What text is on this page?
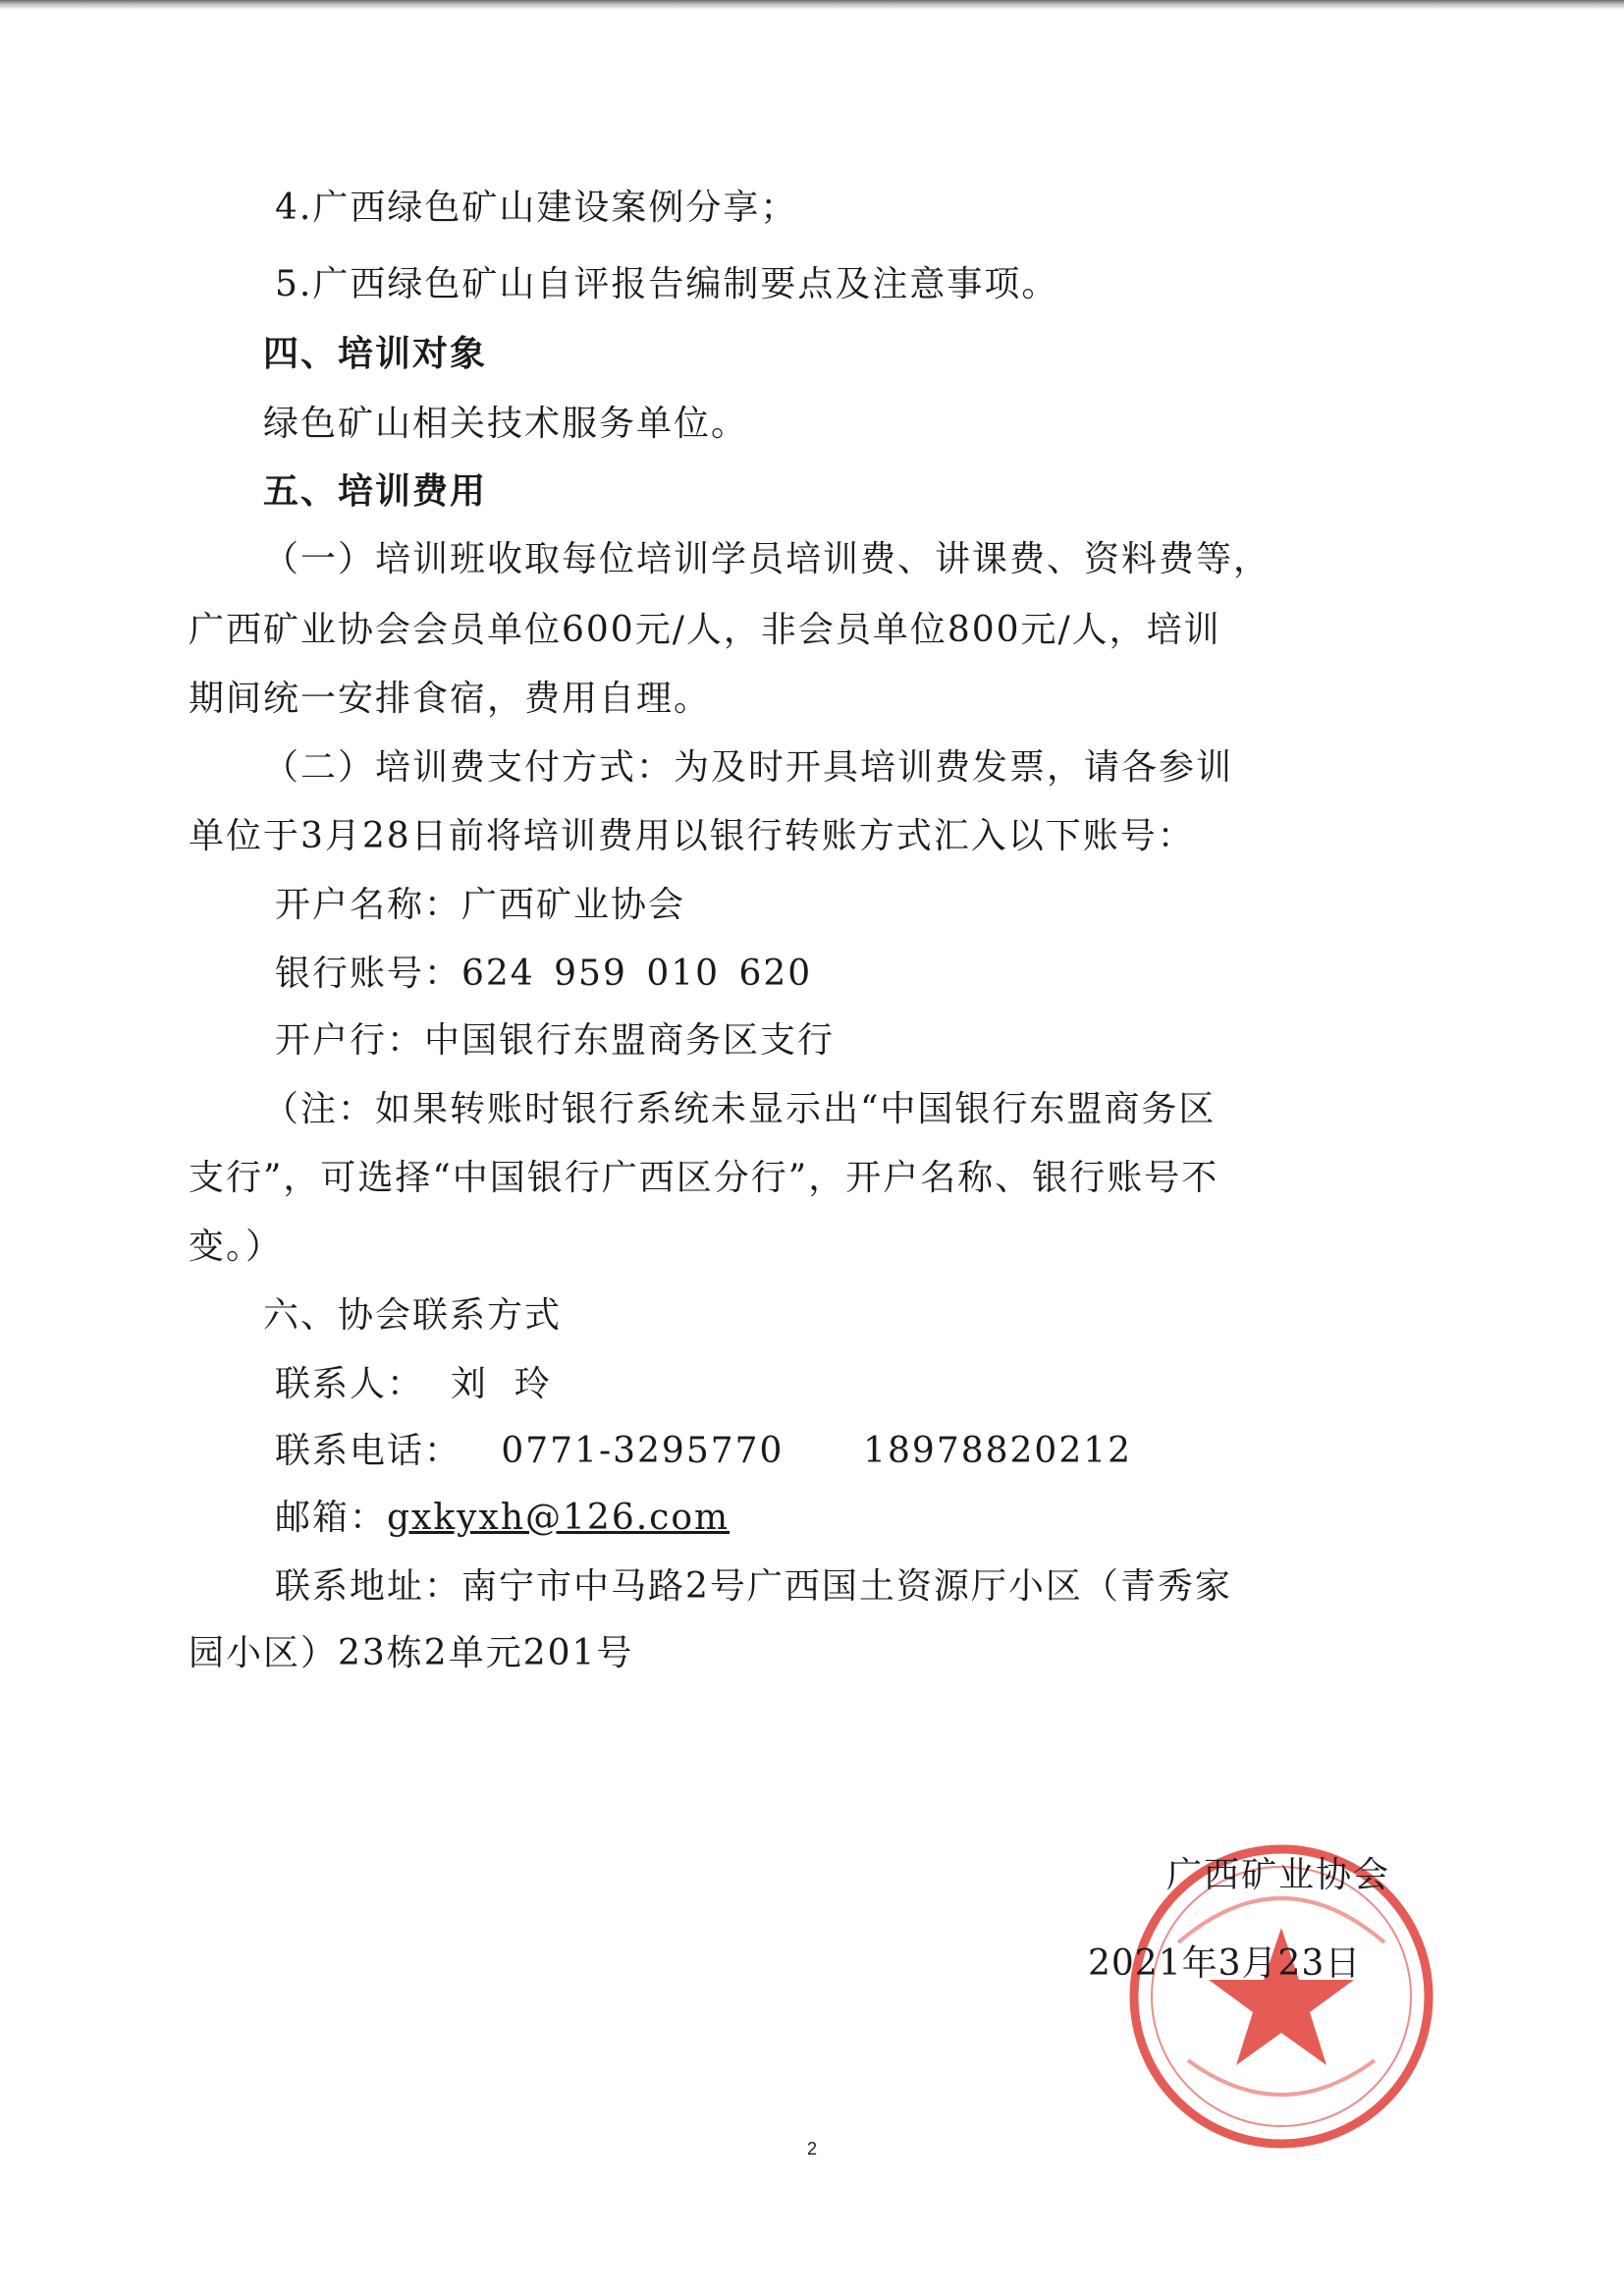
4.广西绿色矿山建设案例分享；
5.广西绿色矿山自评报告编制要点及注意事项。
四、培训对象
绿色矿山相关技术服务单位。
五、培训费用
（一）培训班收取每位培训学员培训费、讲课费、资料费等，
广西矿业协会会员单位600元/人，非会员单位800元/人，培训
期间统一安排食宿，费用自理。
（二）培训费支付方式：为及时开具培训费发票，请各参训
单位于3月28日前将培训费用以银行转账方式汇入以下账号：
开户名称：广西矿业协会
银行账号：624 959 010 620
开户行：中国银行东盟商务区支行
（注：如果转账时银行系统未显示出“中国银行东盟商务区
支行”，可选择“中国银行广西区分行”，开户名称、银行账号不
变。）
六、协会联系方式
联系人：  刘  玲
联系电话：   0771-3295770      18978820212
邮箱：gxkyxh@126.com
联系地址：南宁市中马路2号广西国土资源厅小区（青秀家
园小区）23栋2单元201号
广西矿业协会
2021年3月23日
2
